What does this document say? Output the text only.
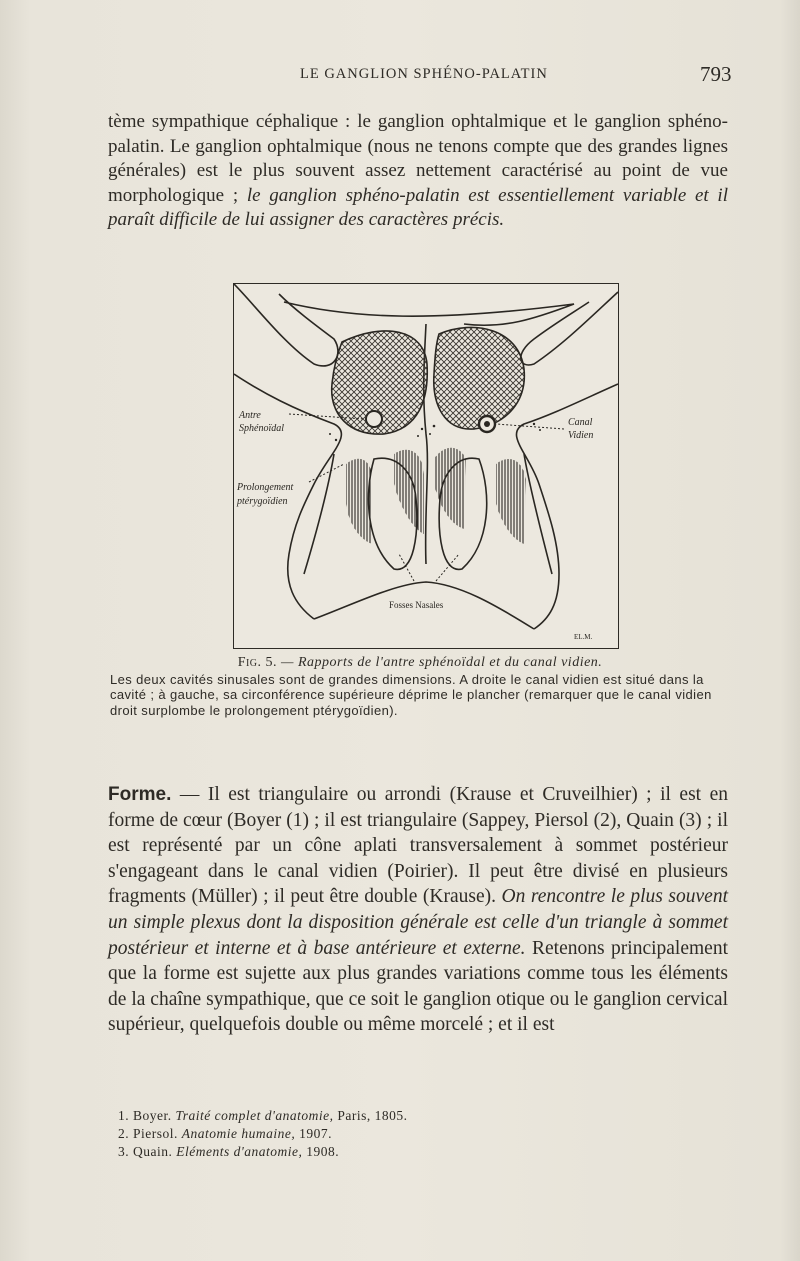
LE GANGLION SPHÉNO-PALATIN	793

tème sympathique céphalique : le ganglion ophtalmique et le ganglion sphéno-palatin. Le ganglion ophtalmique (nous ne tenons compte que des grandes lignes générales) est le plus souvent assez nettement caractérisé au point de vue morphologique ; le ganglion sphéno-palatin est essentiellement variable et il paraît difficile de lui assigner des caractères précis.

Antre
Sphénoïdal
Canal
Vidien
Prolongement
ptérygoïdien
Fosses Nasales
EL.M.
Fig. 5. — Rapports de l'antre sphénoïdal et du canal vidien.
Les deux cavités sinusales sont de grandes dimensions. A droite le canal vidien est situé dans la cavité ; à gauche, sa circonférence supérieure déprime le plancher (remarquer que le canal vidien droit surplombe le prolongement ptérygoïdien).

Forme. — Il est triangulaire ou arrondi (Krause et Cruveilhier) ; il est en forme de cœur (Boyer (1) ; il est triangulaire (Sappey, Piersol (2), Quain (3) ; il est représenté par un cône aplati transversalement à sommet postérieur s'engageant dans le canal vidien (Poirier). Il peut être divisé en plusieurs fragments (Müller) ; il peut être double (Krause). On rencontre le plus souvent un simple plexus dont la disposition générale est celle d'un triangle à sommet postérieur et interne et à base antérieure et externe. Retenons principalement que la forme est sujette aux plus grandes variations comme tous les éléments de la chaîne sympathique, que ce soit le ganglion otique ou le ganglion cervical supérieur, quelquefois double ou même morcelé ; et il est

1. Boyer. Traité complet d'anatomie, Paris, 1805.
2. Piersol. Anatomie humaine, 1907.
3. Quain. Eléments d'anatomie, 1908.
